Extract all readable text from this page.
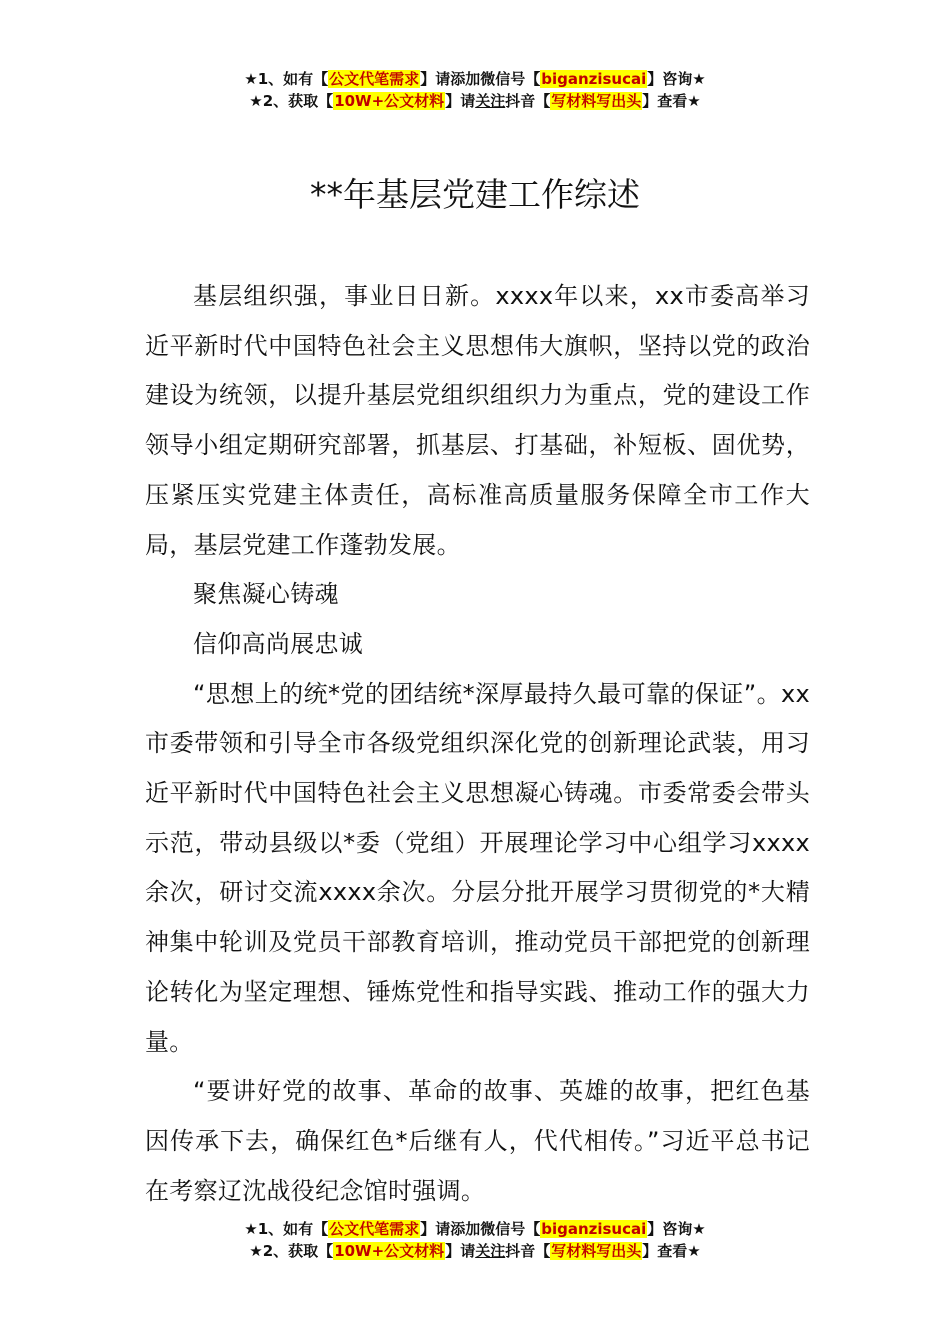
★1、如有【公文代笔需求】请添加微信号【biganzisucai】咨询★
★2、获取【10W+公文材料】请关注抖音【写材料写出头】查看★
**年基层党建工作综述

基层组织强，事业日日新。xxxx年以来，xx市委高举习近平新时代中国特色社会主义思想伟大旗帜，坚持以党的政治建设为统领，以提升基层党组织组织力为重点，党的建设工作领导小组定期研究部署，抓基层、打基础，补短板、固优势，压紧压实党建主体责任，高标准高质量服务保障全市工作大局，基层党建工作蓬勃发展。

聚焦凝心铸魂

信仰高尚展忠诚

“思想上的统*党的团结统*深厚最持久最可靠的保证”。xx市委带领和引导全市各级党组织深化党的创新理论武装，用习近平新时代中国特色社会主义思想凝心铸魂。市委常委会带头示范，带动县级以*委（党组）开展理论学习中心组学习xxxx余次，研讨交流xxxx余次。分层分批开展学习贯彻党的*大精神集中轮训及党员干部教育培训，推动党员干部把党的创新理论转化为坚定理想、锤炼党性和指导实践、推动工作的强大力量。

“要讲好党的故事、革命的故事、英雄的故事，把红色基因传承下去，确保红色*后继有人，代代相传。”习近平总书记在考察辽沈战役纪念馆时强调。

★1、如有【公文代笔需求】请添加微信号【biganzisucai】咨询★
★2、获取【10W+公文材料】请关注抖音【写材料写出头】查看★
